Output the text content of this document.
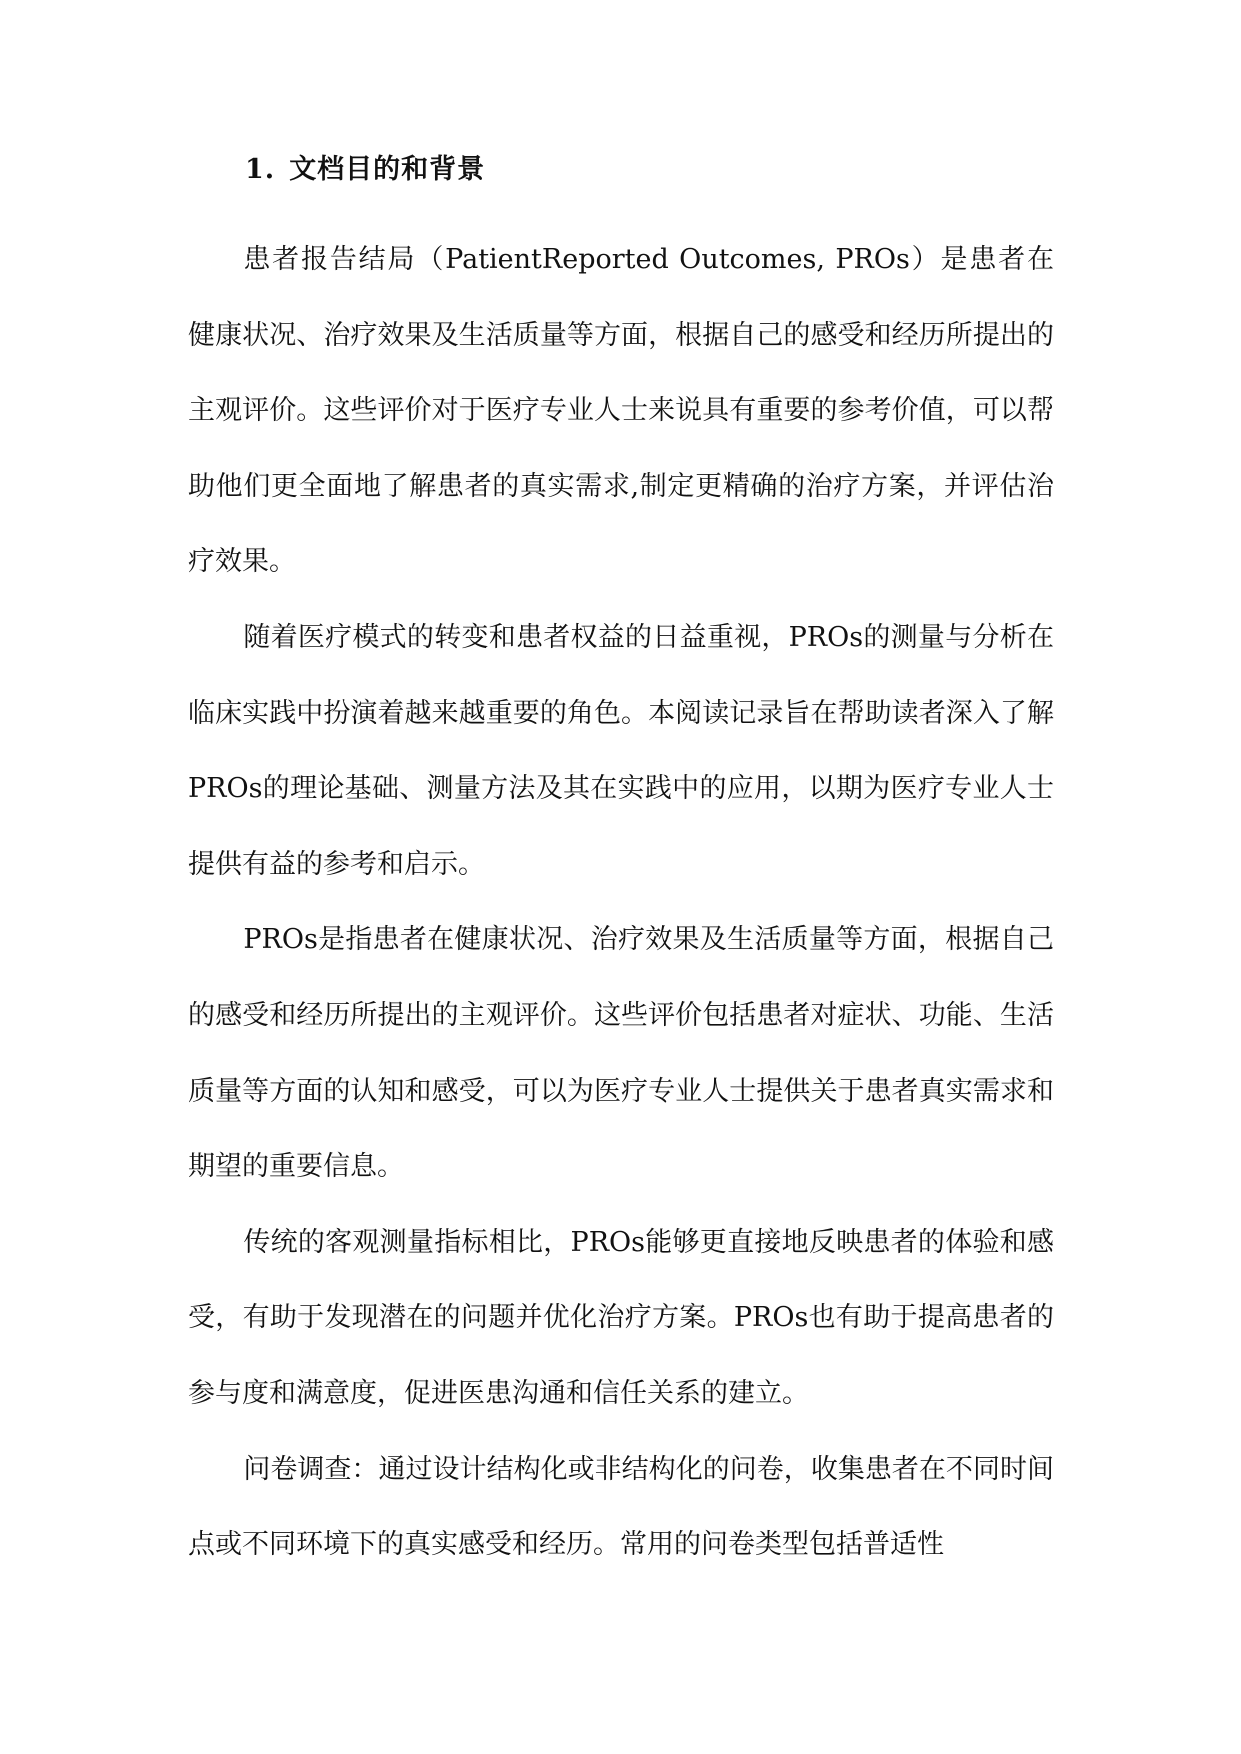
1. 文档目的和背景

患者报告结局（PatientReported Outcomes, PROs）是患者在健康状况、治疗效果及生活质量等方面，根据自己的感受和经历所提出的主观评价。这些评价对于医疗专业人士来说具有重要的参考价值，可以帮助他们更全面地了解患者的真实需求,制定更精确的治疗方案，并评估治疗效果。

随着医疗模式的转变和患者权益的日益重视，PROs的测量与分析在临床实践中扮演着越来越重要的角色。本阅读记录旨在帮助读者深入了解PROs的理论基础、测量方法及其在实践中的应用，以期为医疗专业人士提供有益的参考和启示。

PROs是指患者在健康状况、治疗效果及生活质量等方面，根据自己的感受和经历所提出的主观评价。这些评价包括患者对症状、功能、生活质量等方面的认知和感受，可以为医疗专业人士提供关于患者真实需求和期望的重要信息。

传统的客观测量指标相比，PROs能够更直接地反映患者的体验和感受，有助于发现潜在的问题并优化治疗方案。PROs也有助于提高患者的参与度和满意度，促进医患沟通和信任关系的建立。

问卷调查：通过设计结构化或非结构化的问卷，收集患者在不同时间点或不同环境下的真实感受和经历。常用的问卷类型包括普适性
